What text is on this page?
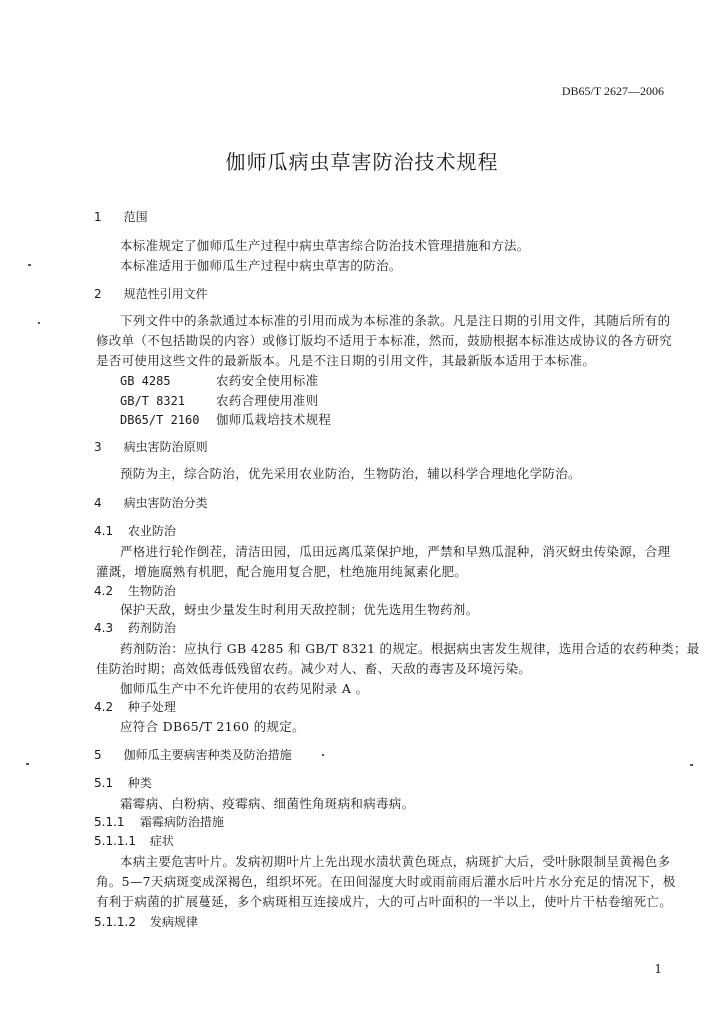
DB65/T 2627—2006
伽师瓜病虫草害防治技术规程
1 范围
本标准规定了伽师瓜生产过程中病虫草害综合防治技术管理措施和方法。
本标准适用于伽师瓜生产过程中病虫草害的防治。
2 规范性引用文件
下列文件中的条款通过本标准的引用而成为本标准的条款。凡是注日期的引用文件，其随后所有的
修改单（不包括勘误的内容）或修订版均不适用于本标准，然而，鼓励根据本标准达成协议的各方研究
是否可使用这些文件的最新版本。凡是不注日期的引用文件，其最新版本适用于本标准。
GB 4285	农药安全使用标准
GB/T 8321 农药合理使用准则
DB65/T 2160 伽师瓜栽培技术规程
3 病虫害防治原则
预防为主，综合防治，优先采用农业防治，生物防治，辅以科学合理地化学防治。
4 病虫害防治分类
4.1 农业防治
严格进行轮作倒茬，清洁田园，瓜田远离瓜菜保护地，严禁和早熟瓜混种，消灭蚜虫传染源，合理
灌溉，增施腐熟有机肥，配合施用复合肥，杜绝施用纯氮素化肥。
4.2 生物防治
保护天敌，蚜虫少量发生时利用天敌控制；优先选用生物药剂。
4.3 药剂防治
药剂防治：应执行 GB 4285 和 GB/T 8321 的规定。根据病虫害发生规律，选用合适的农药种类；最
佳防治时期；高效低毒低残留农药。减少对人、畜、天敌的毒害及环境污染。
伽师瓜生产中不允许使用的农药见附录 A 。
4.2 种子处理
应符合 DB65/T 2160 的规定。
5 伽师瓜主要病害种类及防治措施
5.1 种类
霜霉病、白粉病、疫霉病、细菌性角斑病和病毒病。
5.1.1 霜霉病防治措施
5.1.1.1 症状
本病主要危害叶片。发病初期叶片上先出现水渍状黄色斑点，病斑扩大后，受叶脉限制呈黄褐色多
角。5—7天病斑变成深褐色，组织坏死。在田间湿度大时或雨前雨后灌水后叶片水分充足的情况下，极
有利于病菌的扩展蔓延，多个病斑相互连接成片，大的可占叶面积的一半以上，使叶片干枯卷缩死亡。
5.1.1.2 发病规律
1
